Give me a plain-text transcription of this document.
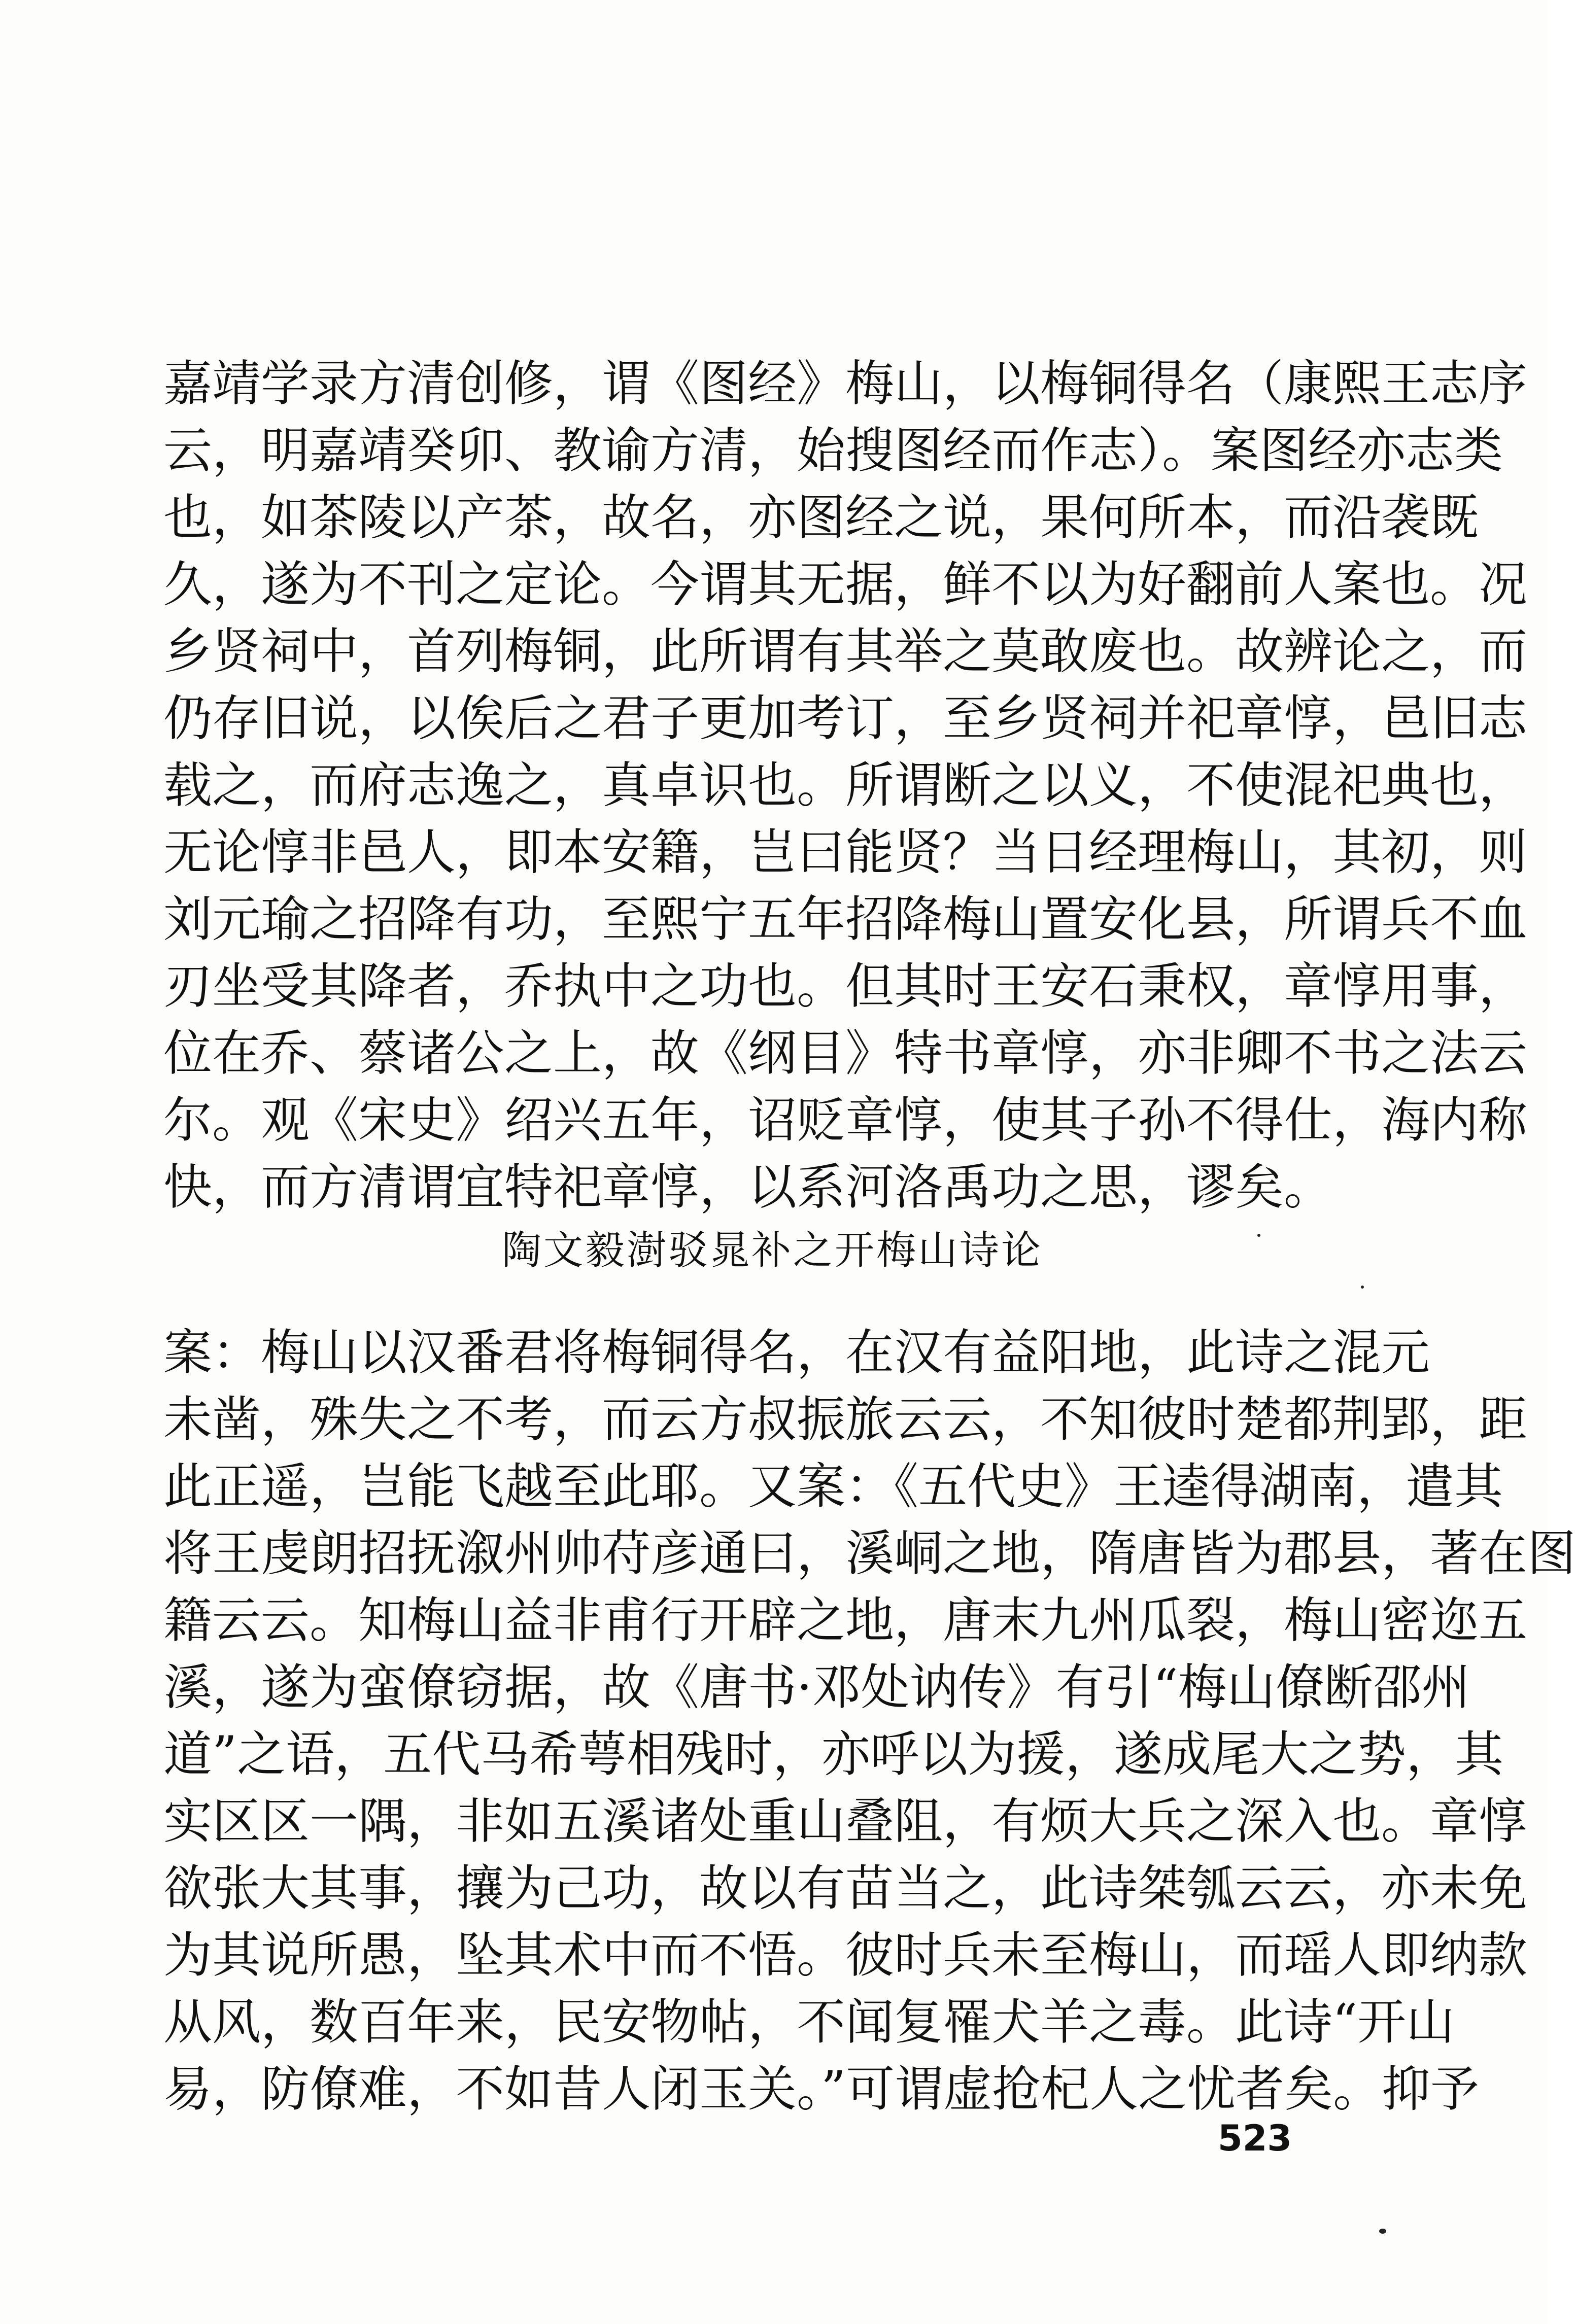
嘉靖学录方清创修，谓《图经》梅山，以梅铜得名（康熙王志序
云，明嘉靖癸卯、教谕方清，始搜图经而作志）。案图经亦志类
也，如茶陵以产茶，故名，亦图经之说，果何所本，而沿袭既
久，遂为不刊之定论。今谓其无据，鲜不以为好翻前人案也。况
乡贤祠中，首列梅铜，此所谓有其举之莫敢废也。故辨论之，而
仍存旧说，以俟后之君子更加考订，至乡贤祠并祀章惇，邑旧志
载之，而府志逸之，真卓识也。所谓断之以义，不使混祀典也，
无论惇非邑人，即本安籍，岂曰能贤？当日经理梅山，其初，则
刘元瑜之招降有功，至熙宁五年招降梅山置安化县，所谓兵不血
刃坐受其降者，乔执中之功也。但其时王安石秉权，章惇用事，
位在乔、蔡诸公之上，故《纲目》特书章惇，亦非卿不书之法云
尔。观《宋史》绍兴五年，诏贬章惇，使其子孙不得仕，海内称
快，而方清谓宜特祀章惇，以系河洛禹功之思，谬矣。
陶文毅澍驳晁补之开梅山诗论
案：梅山以汉番君将梅铜得名，在汉有益阳地，此诗之混元
未凿，殊失之不考，而云方叔振旅云云，不知彼时楚都荆郢，距
此正遥，岂能飞越至此耶。又案：《五代史》王逵得湖南，遣其
将王虔朗招抚溆州帅苻彦通曰，溪峒之地，隋唐皆为郡县，著在图
籍云云。知梅山益非甫行开辟之地，唐末九州瓜裂，梅山密迩五
溪，遂为蛮僚窃据，故《唐书·邓处讷传》有引“梅山僚断邵州
道”之语，五代马希萼相残时，亦呼以为援，遂成尾大之势，其
实区区一隅，非如五溪诸处重山叠阻，有烦大兵之深入也。章惇
欲张大其事，攘为己功，故以有苗当之，此诗桀瓠云云，亦未免
为其说所愚，坠其术中而不悟。彼时兵未至梅山，而瑶人即纳款
从风，数百年来，民安物帖，不闻复罹犬羊之毒。此诗“开山
易，防僚难，不如昔人闭玉关。”可谓虚抢杞人之忧者矣。抑予
523
